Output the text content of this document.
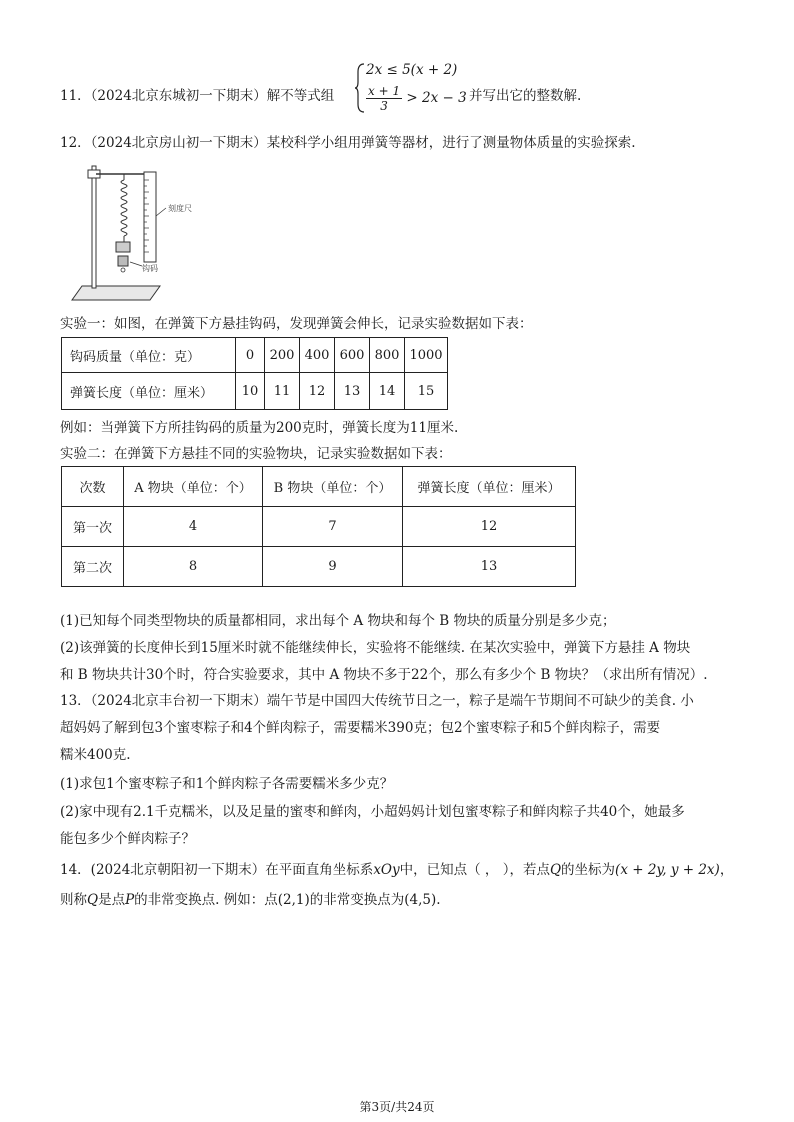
11．（2024北京东城初一下期末）解不等式组
2x ≤ 5(x + 2)
$\frac{x + 1}{3} > 2x - 3$ 并写出它的整数解.
12．（2024北京房山初一下期末）某校科学小组用弹簧等器材，进行了测量物体质量的实验探索.
刻度尺
钩码
实验一：如图，在弹簧下方悬挂钩码，发现弹簧会伸长，记录实验数据如下表：
钩码质量（单位：克）	0	200	400	600	800	1000
弹簧长度（单位：厘米）	10	11	12	13	14	15
例如：当弹簧下方所挂钩码的质量为200克时，弹簧长度为11厘米.
实验二：在弹簧下方悬挂不同的实验物块，记录实验数据如下表：
次数	A 物块（单位：个）	B 物块（单位：个）	弹簧长度（单位：厘米）
第一次	4	7	12
第二次	8	9	13
(1)已知每个同类型物块的质量都相同，求出每个 A 物块和每个 B 物块的质量分别是多少克；
(2)该弹簧的长度伸长到15厘米时就不能继续伸长，实验将不能继续. 在某次实验中，弹簧下方悬挂 A 物块
和 B 物块共计30个时，符合实验要求，其中 A 物块不多于22个，那么有多少个 B 物块？（求出所有情况）.
13．（2024北京丰台初一下期末）端午节是中国四大传统节日之一，粽子是端午节期间不可缺少的美食. 小
超妈妈了解到包3个蜜枣粽子和4个鲜肉粽子，需要糯米390克；包2个蜜枣粽子和5个鲜肉粽子，需要
糯米400克.
(1)求包1个蜜枣粽子和1个鲜肉粽子各需要糯米多少克？
(2)家中现有2.1千克糯米，以及足量的蜜枣和鲜肉，小超妈妈计划包蜜枣粽子和鲜肉粽子共40个，她最多
能包多少个鲜肉粽子？
14．(2024北京朝阳初一下期末）在平面直角坐标系xOy中，已知点（ ， ），若点Q的坐标为(x + 2y, y + 2x)，
则称Q是点P的非常变换点. 例如：点(2,1)的非常变换点为(4,5).
第3页/共24页
